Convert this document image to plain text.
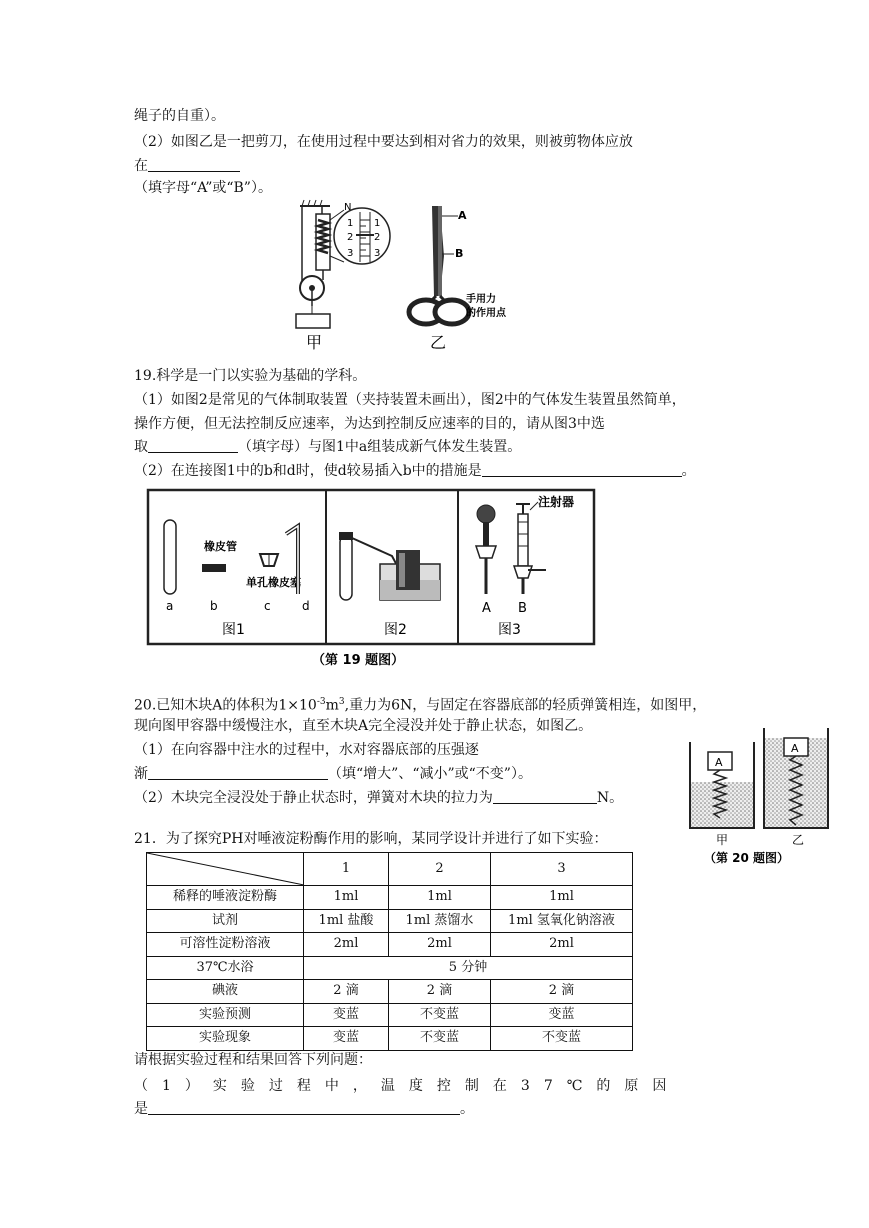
绳子的自重）。
（2）如图乙是一把剪刀，在使用过程中要达到相对省力的效果，则被剪物体应放
在
（填字母“A”或“B”）。
N
1
2
3
1
2
3
甲
A
B
手用力
的作用点
乙
19.科学是一门以实验为基础的学科。
（1）如图2是常见的气体制取装置（夹持装置未画出），图2中的气体发生装置虽然简单，
操作方便，但无法控制反应速率，为达到控制反应速率的目的，请从图3中选
取	（填字母）与图1中a组装成新气体发生装置。
（2）在连接图1中的b和d时，使d较易插入b中的措施是	。
橡皮管
单孔橡皮塞
a	b	c	d
图1	图2
注射器
A B
图3
（第 19 题图）
20.已知木块A的体积为$1\times 10^{-3}m^3$,重力为6N，与固定在容器底部的轻质弹簧相连，如图甲，
现向图甲容器中缓慢注水，直至木块A完全浸没并处于静止状态，如图乙。
（1）在向容器中注水的过程中，水对容器底部的压强逐
渐	（填“增大”、“减小”或“不变”）。
（2）木块完全浸没处于静止状态时，弹簧对木块的拉力为	N。
A
A
甲	乙
（第 20 题图）
21．为了探究PH对唾液淀粉酶作用的影响，某同学设计并进行了如下实验：
	1	2	3
稀释的唾液淀粉酶	1ml	1ml	1ml
试剂	1ml 盐酸	1ml 蒸馏水	1ml 氢氧化钠溶液
可溶性淀粉溶液	2ml	2ml	2ml
37℃水浴	5 分钟		
碘液	2 滴	2 滴	2 滴
实验预测	变蓝	不变蓝	变蓝
实验现象	变蓝	不变蓝	不变蓝
请根据实验过程和结果回答下列问题：
（1）实验过程中，温度控制在37℃的原因
是	。
